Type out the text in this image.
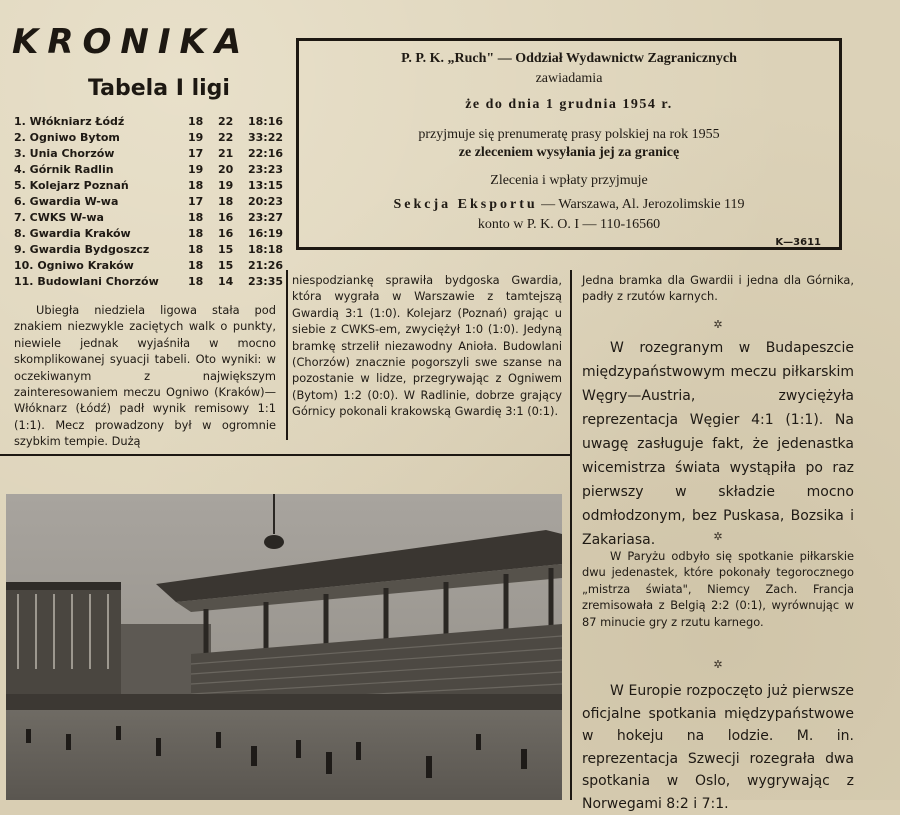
KRONIKA
Tabela I ligi
1. Włókniarz Łódź	18 22 18:16
2. Ogniwo Bytom	19 22 33:22
3. Unia Chorzów	17 21 22:16
4. Górnik Radlin	19 20 23:23
5. Kolejarz Poznań	18 19 13:15
6. Gwardia W-wa	17 18 20:23
7. CWKS W-wa	18 16 23:27
8. Gwardia Kraków	18 16 16:19
9. Gwardia Bydgoszcz	18 15 18:18
10. Ogniwo Kraków	18 15 21:26
11. Budowlani Chorzów	18 14 23:35
P. P. K. „Ruch" — Oddział Wydawnictw Zagranicznych
zawiadamia
że do dnia 1 grudnia 1954 r.
przyjmuje się prenumeratę prasy polskiej na rok 1955
ze zleceniem wysyłania jej za granicę
Zlecenia i wpłaty przyjmuje
Sekcja Eksportu — Warszawa, Al. Jerozolimskie 119
konto w P. K. O. I — 110-16560
K—3611
Ubiegła niedziela ligowa stała pod znakiem niezwykle zaciętych walk o punkty, niewiele jednak wyjaśniła w mocno skomplikowanej syuacji tabeli. Oto wyniki: w oczekiwanym z największym zainteresowaniem meczu Ogniwo (Kraków)—Włóknarz (Łódź) padł wynik remisowy 1:1 (1:1). Mecz prowadzony był w ogromnie szybkim tempie. Dużą
niespodziankę sprawiła bydgoska Gwardia, która wygrała w Warszawie z tamtejszą Gwardią 3:1 (1:0). Kolejarz (Poznań) grając u siebie z CWKS-em, zwyciężył 1:0 (1:0). Jedyną bramkę strzelił niezawodny Anioła. Budowlani (Chorzów) znacznie pogorszyli swe szanse na pozostanie w lidze, przegrywając z Ogniwem (Bytom) 1:2 (0:0). W Radlinie, dobrze grający Górnicy pokonali krakowską Gwardię 3:1 (0:1).
Jedna bramka dla Gwardii i jedna dla Górnika, padły z rzutów karnych.
✲
W rozegranym w Budapeszcie międzypaństwowym meczu piłkarskim Węgry—Austria, zwyciężyła reprezentacja Węgier 4:1 (1:1). Na uwagę zasługuje fakt, że jedenastka wicemistrza świata wystąpiła po raz pierwszy w składzie mocno odmłodzonym, bez Puskasa, Bozsika i Zakariasa.	✲
W Paryżu odbyło się spotkanie piłkarskie dwu jedenastek, które pokonały tegorocznego „mistrza świata", Niemcy Zach. Francja zremisowała z Belgią 2:2 (0:1), wyrównując w 87 minucie gry z rzutu karnego.
✲
W Europie rozpoczęto już pierwsze oficjalne spotkania międzypaństwowe w hokeju na lodzie. M. in. reprezentacja Szwecji rozegrała dwa spotkania w Oslo, wygrywając z Norwegami 8:2 i 7:1.
